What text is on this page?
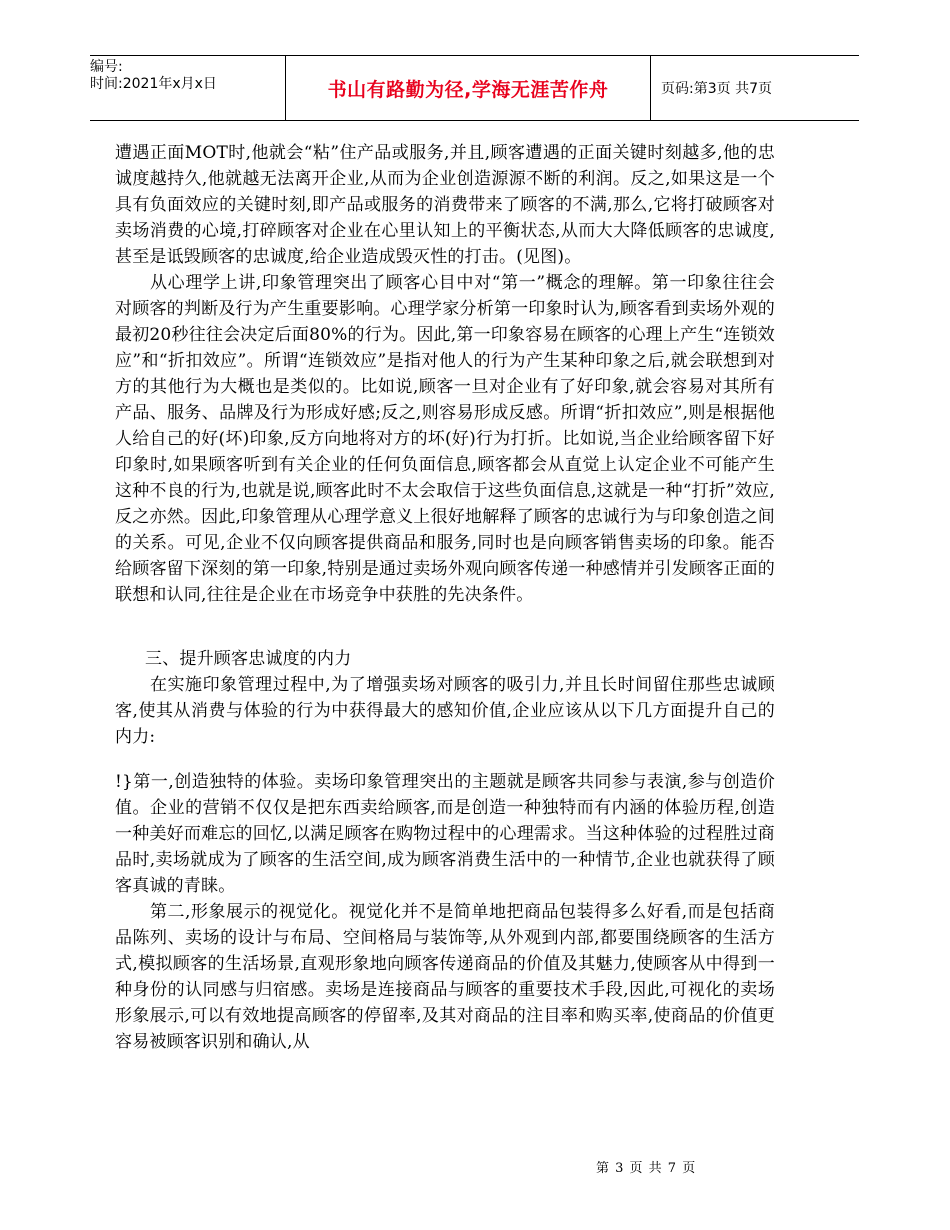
编号:
时间:2021年x月x日	书山有路勤为径,学海无涯苦作舟	页码:第3页 共7页

遭遇正面MOT时,他就会“粘”住产品或服务,并且,顾客遭遇的正面关键时刻越多,他的忠诚度越持久,他就越无法离开企业,从而为企业创造源源不断的利润。反之,如果这是一个具有负面效应的关键时刻,即产品或服务的消费带来了顾客的不满,那么,它将打破顾客对卖场消费的心境,打碎顾客对企业在心里认知上的平衡状态,从而大大降低顾客的忠诚度,甚至是诋毁顾客的忠诚度,给企业造成毁灭性的打击。(见图)。

从心理学上讲,印象管理突出了顾客心目中对“第一”概念的理解。第一印象往往会对顾客的判断及行为产生重要影响。心理学家分析第一印象时认为,顾客看到卖场外观的最初20秒往往会决定后面80%的行为。因此,第一印象容易在顾客的心理上产生“连锁效应”和“折扣效应”。所谓“连锁效应”是指对他人的行为产生某种印象之后,就会联想到对方的其他行为大概也是类似的。比如说,顾客一旦对企业有了好印象,就会容易对其所有产品、服务、品牌及行为形成好感;反之,则容易形成反感。所谓“折扣效应”,则是根据他人给自己的好(坏)印象,反方向地将对方的坏(好)行为打折。比如说,当企业给顾客留下好印象时,如果顾客听到有关企业的任何负面信息,顾客都会从直觉上认定企业不可能产生这种不良的行为,也就是说,顾客此时不太会取信于这些负面信息,这就是一种“打折”效应,反之亦然。因此,印象管理从心理学意义上很好地解释了顾客的忠诚行为与印象创造之间的关系。可见,企业不仅向顾客提供商品和服务,同时也是向顾客销售卖场的印象。能否给顾客留下深刻的第一印象,特别是通过卖场外观向顾客传递一种感情并引发顾客正面的联想和认同,往往是企业在市场竞争中获胜的先决条件。

三、提升顾客忠诚度的内力

在实施印象管理过程中,为了增强卖场对顾客的吸引力,并且长时间留住那些忠诚顾客,使其从消费与体验的行为中获得最大的感知价值,企业应该从以下几方面提升自己的内力:

!}第一,创造独特的体验。卖场印象管理突出的主题就是顾客共同参与表演,参与创造价值。企业的营销不仅仅是把东西卖给顾客,而是创造一种独特而有内涵的体验历程,创造一种美好而难忘的回忆,以满足顾客在购物过程中的心理需求。当这种体验的过程胜过商品时,卖场就成为了顾客的生活空间,成为顾客消费生活中的一种情节,企业也就获得了顾客真诚的青睐。

第二,形象展示的视觉化。视觉化并不是简单地把商品包装得多么好看,而是包括商品陈列、卖场的设计与布局、空间格局与装饰等,从外观到内部,都要围绕顾客的生活方式,模拟顾客的生活场景,直观形象地向顾客传递商品的价值及其魅力,使顾客从中得到一种身份的认同感与归宿感。卖场是连接商品与顾客的重要技术手段,因此,可视化的卖场形象展示,可以有效地提高顾客的停留率,及其对商品的注目率和购买率,使商品的价值更容易被顾客识别和确认,从

第 3 页 共 7 页
